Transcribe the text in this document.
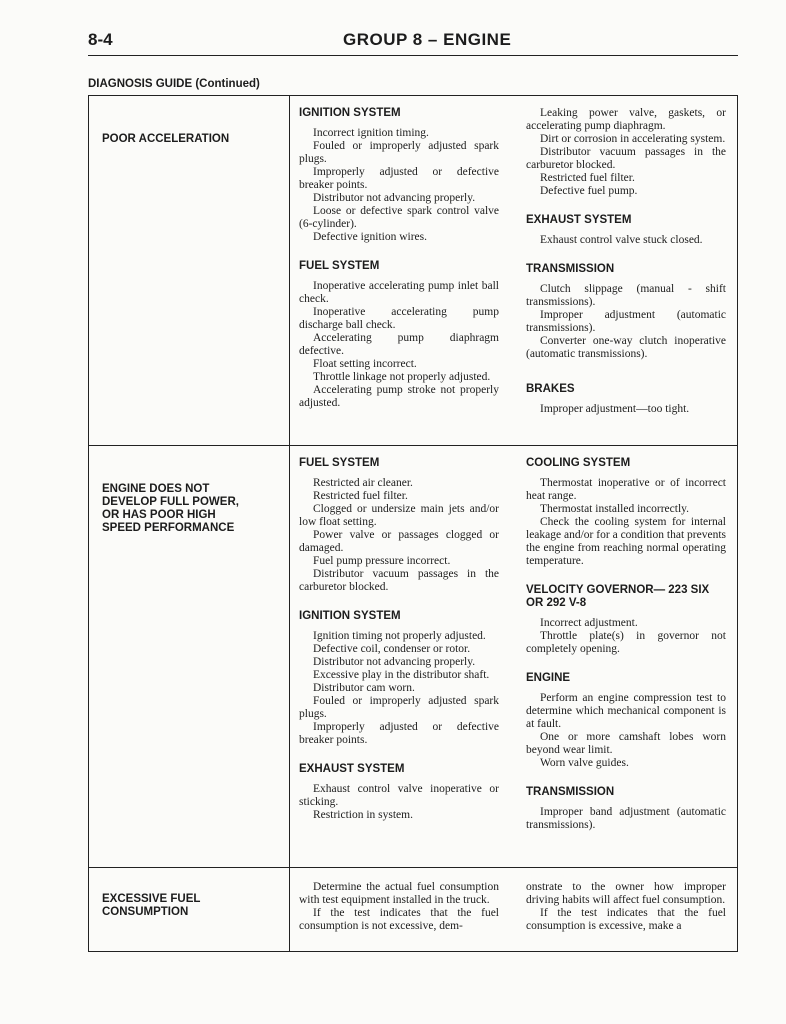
8-4	GROUP 8 – ENGINE
DIAGNOSIS GUIDE (Continued)
POOR ACCELERATION
IGNITION SYSTEM

Incorrect ignition timing.

Fouled or improperly adjusted spark plugs.

Improperly adjusted or defective breaker points.

Distributor not advancing properly.

Loose or defective spark control valve (6-cylinder).

Defective ignition wires.

FUEL SYSTEM

Inoperative accelerating pump inlet ball check.

Inoperative accelerating pump discharge ball check.

Accelerating pump diaphragm defective.

Float setting incorrect.

Throttle linkage not properly adjusted.

Accelerating pump stroke not properly adjusted.

Leaking power valve, gaskets, or accelerating pump diaphragm.

Dirt or corrosion in accelerating system.

Distributor vacuum passages in the carburetor blocked.

Restricted fuel filter.

Defective fuel pump.

EXHAUST SYSTEM

Exhaust control valve stuck closed.

TRANSMISSION

Clutch slippage (manual - shift transmissions).

Improper adjustment (automatic transmissions).

Converter one-way clutch inoperative (automatic transmissions).

BRAKES

Improper adjustment—too tight.

ENGINE DOES NOT
DEVELOP FULL POWER,
OR HAS POOR HIGH
SPEED PERFORMANCE
FUEL SYSTEM

Restricted air cleaner.

Restricted fuel filter.

Clogged or undersize main jets and/or low float setting.

Power valve or passages clogged or damaged.

Fuel pump pressure incorrect.

Distributor vacuum passages in the carburetor blocked.

IGNITION SYSTEM

Ignition timing not properly adjusted.

Defective coil, condenser or rotor.

Distributor not advancing properly.

Excessive play in the distributor shaft.

Distributor cam worn.

Fouled or improperly adjusted spark plugs.

Improperly adjusted or defective breaker points.

EXHAUST SYSTEM

Exhaust control valve inoperative or sticking.

Restriction in system.

COOLING SYSTEM

Thermostat inoperative or of incorrect heat range.

Thermostat installed incorrectly.

Check the cooling system for internal leakage and/or for a condition that prevents the engine from reaching normal operating temperature.

VELOCITY GOVERNOR— 223 SIX OR 292 V-8

Incorrect adjustment.

Throttle plate(s) in governor not completely opening.

ENGINE

Perform an engine compression test to determine which mechanical component is at fault.

One or more camshaft lobes worn beyond wear limit.

Worn valve guides.

TRANSMISSION

Improper band adjustment (automatic transmissions).

EXCESSIVE FUEL
CONSUMPTION

Determine the actual fuel consumption with test equipment installed in the truck.

If the test indicates that the fuel consumption is not excessive, dem-

onstrate to the owner how improper driving habits will affect fuel consumption.

If the test indicates that the fuel consumption is excessive, make a
